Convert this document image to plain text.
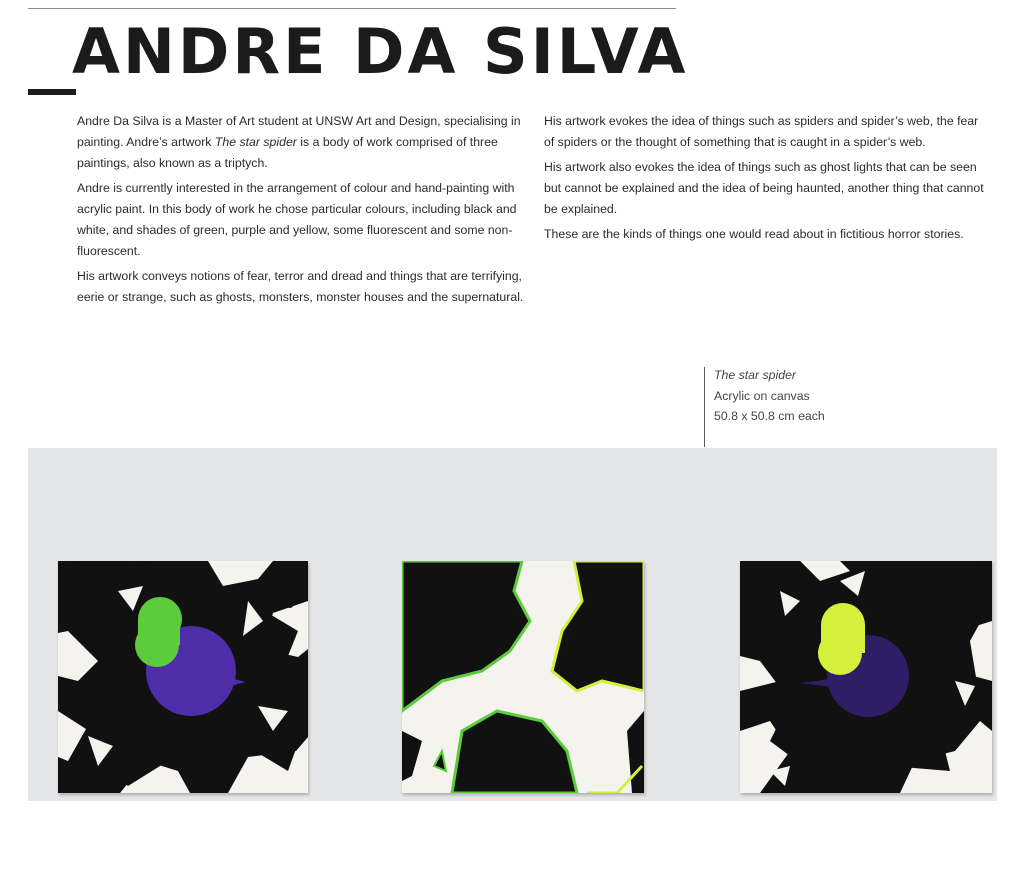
ANDRE DA SILVA

Andre Da Silva is a Master of Art student at UNSW Art and Design, specialising in painting. Andre’s artwork The star spider is a body of work comprised of three paintings, also known as a triptych.

Andre is currently interested in the arrangement of colour and hand-painting with acrylic paint. In this body of work he chose particular colours, including black and white, and shades of green, purple and yellow, some fluorescent and some non-fluorescent.

His artwork conveys notions of fear, terror and dread and things that are terrifying, eerie or strange, such as ghosts, monsters, monster houses and the supernatural.

His artwork evokes the idea of things such as spiders and spider’s web, the fear of spiders or the thought of something that is caught in a spider’s web.

His artwork also evokes the idea of things such as ghost lights that can be seen but cannot be explained and the idea of being haunted, another thing that cannot be explained.

These are the kinds of things one would read about in fictitious horror stories.

The star spider
Acrylic on canvas
50.8 x 50.8 cm each
